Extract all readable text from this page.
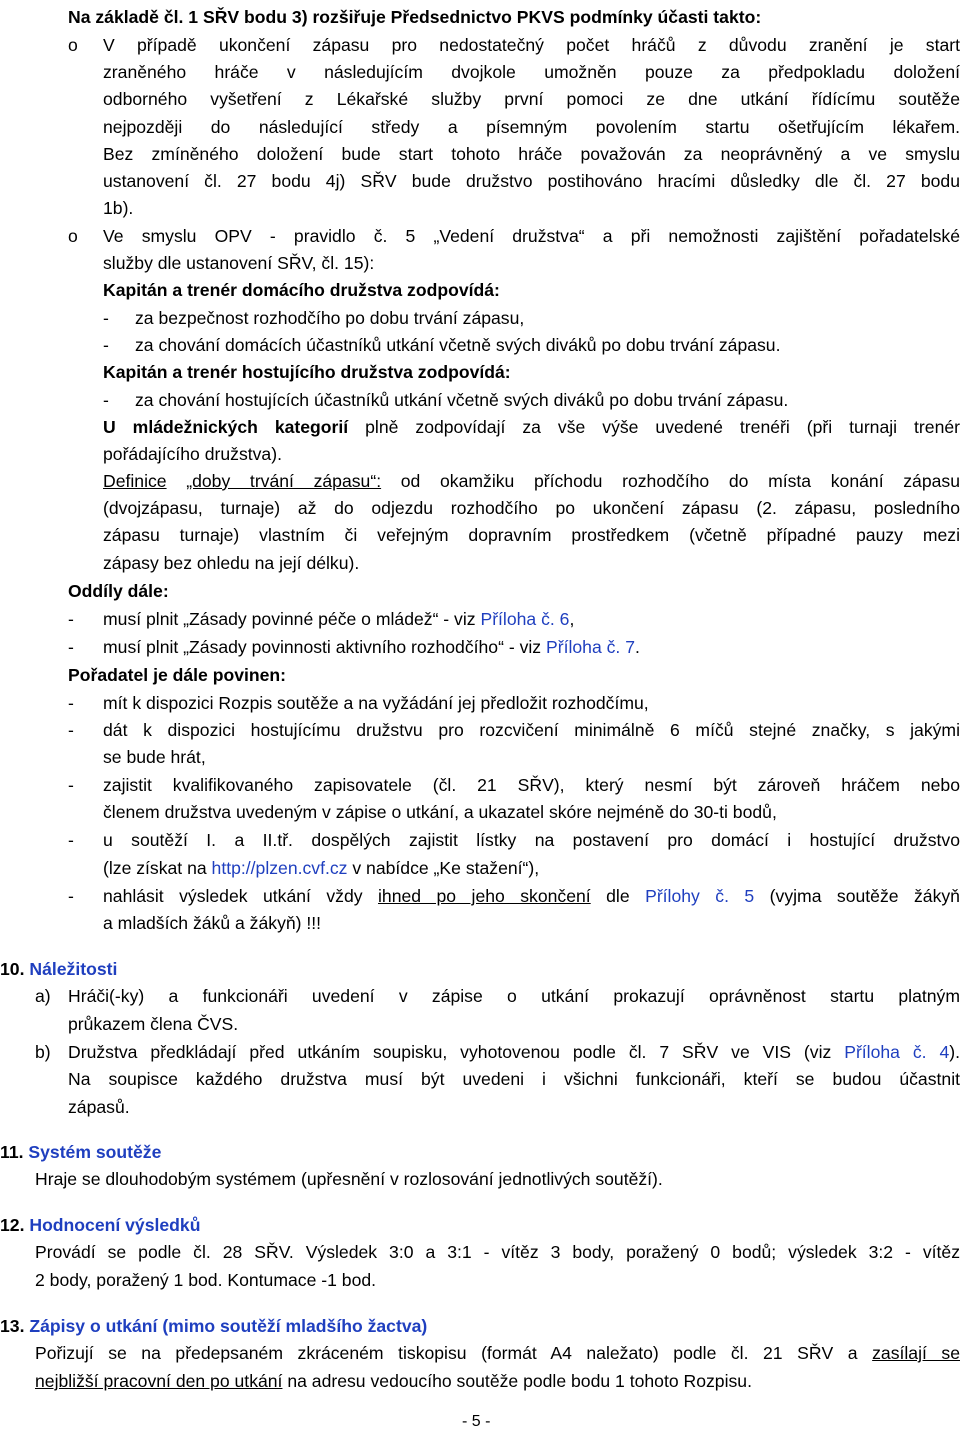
Na základě čl. 1 SŘV bodu 3) rozšiřuje Předsednictvo PKVS podmínky účasti takto:
o V případě ukončení zápasu pro nedostatečný počet hráčů z důvodu zranění je start
zraněného hráče v následujícím dvojkole umožněn pouze za předpokladu doložení
odborného vyšetření z Lékařské služby první pomoci ze dne utkání řídícímu soutěže
nejpozději do následující středy a písemným povolením startu ošetřujícím lékařem.
Bez zmíněného doložení bude start tohoto hráče považován za neoprávněný a ve smyslu
ustanovení čl. 27 bodu 4j) SŘV bude družstvo postihováno hracími důsledky dle čl. 27 bodu
1b).
o Ve smyslu OPV - pravidlo č. 5 „Vedení družstva“ a při nemožnosti zajištění pořadatelské
služby dle ustanovení SŘV, čl. 15):
Kapitán a trenér domácího družstva zodpovídá:
- za bezpečnost rozhodčího po dobu trvání zápasu,
- za chování domácích účastníků utkání včetně svých diváků po dobu trvání zápasu.
Kapitán a trenér hostujícího družstva zodpovídá:
- za chování hostujících účastníků utkání včetně svých diváků po dobu trvání zápasu.
U mládežnických kategorií plně zodpovídají za vše výše uvedené trenéři (při turnaji trenér
pořádajícího družstva).
Definice „doby trvání zápasu“: od okamžiku příchodu rozhodčího do místa konání zápasu
(dvojzápasu, turnaje) až do odjezdu rozhodčího po ukončení zápasu (2. zápasu, posledního
zápasu turnaje) vlastním či veřejným dopravním prostředkem (včetně případné pauzy mezi
zápasy bez ohledu na její délku).
Oddíly dále:
- musí plnit „Zásady povinné péče o mládež“ - viz Příloha č. 6,
- musí plnit „Zásady povinnosti aktivního rozhodčího“ - viz Příloha č. 7.
Pořadatel je dále povinen:
- mít k dispozici Rozpis soutěže a na vyžádání jej předložit rozhodčímu,
- dát k dispozici hostujícímu družstvu pro rozcvičení minimálně 6 míčů stejné značky, s jakými
se bude hrát,
- zajistit kvalifikovaného zapisovatele (čl. 21 SŘV), který nesmí být zároveň hráčem nebo
členem družstva uvedeným v zápise o utkání, a ukazatel skóre nejméně do 30-ti bodů,
- u soutěží I. a II.tř. dospělých zajistit lístky na postavení pro domácí i hostující družstvo
(lze získat na http://plzen.cvf.cz v nabídce „Ke stažení“),
- nahlásit výsledek utkání vždy ihned po jeho skončení dle Přílohy č. 5 (vyjma soutěže žákyň
a mladších žáků a žákyň) !!!
10. Náležitosti
a) Hráči(-ky) a funkcionáři uvedení v zápise o utkání prokazují oprávněnost startu platným
průkazem člena ČVS.
b) Družstva předkládají před utkáním soupisku, vyhotovenou podle čl. 7 SŘV ve VIS (viz Příloha č. 4).
Na soupisce každého družstva musí být uvedeni i všichni funkcionáři, kteří se budou účastnit
zápasů.
11. Systém soutěže
Hraje se dlouhodobým systémem (upřesnění v rozlosování jednotlivých soutěží).
12. Hodnocení výsledků
Provádí se podle čl. 28 SŘV. Výsledek 3:0 a 3:1 - vítěz 3 body, poražený 0 bodů; výsledek 3:2 - vítěz
2 body, poražený 1 bod. Kontumace -1 bod.
13. Zápisy o utkání (mimo soutěží mladšího žactva)
Pořizují se na předepsaném zkráceném tiskopisu (formát A4 naležato) podle čl. 21 SŘV a zasílají se
nejbližší pracovní den po utkání na adresu vedoucího soutěže podle bodu 1 tohoto Rozpisu.
- 5 -
